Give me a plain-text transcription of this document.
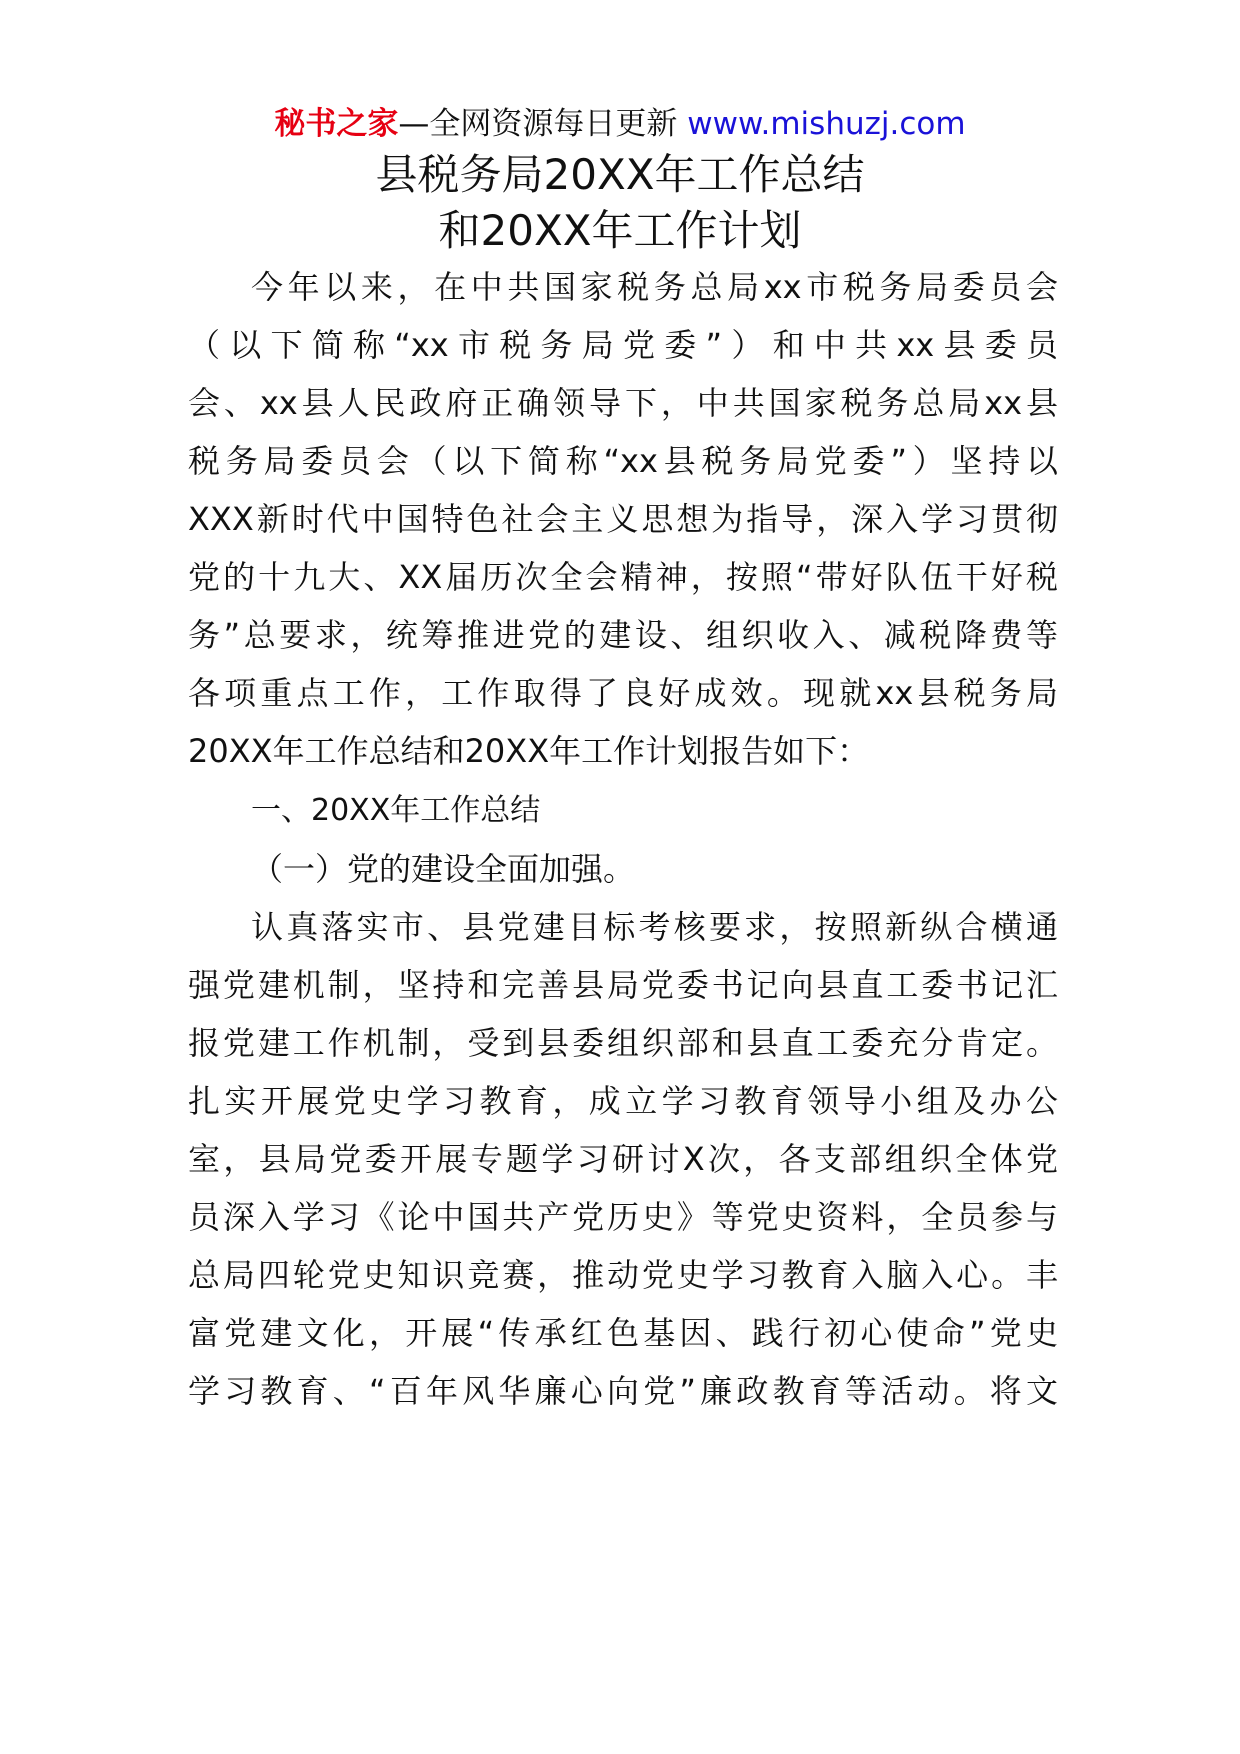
秘书之家—全网资源每日更新 www.mishuzj.com
县税务局20XX年工作总结
和20XX年工作计划
今年以来，在中共国家税务总局xx市税务局委员会
（以下简称“xx市税务局党委”）和中共xx县委员
会、xx县人民政府正确领导下，中共国家税务总局xx县
税务局委员会（以下简称“xx县税务局党委”）坚持以
XXX新时代中国特色社会主义思想为指导，深入学习贯彻
党的十九大、XX届历次全会精神，按照“带好队伍干好税
务”总要求，统筹推进党的建设、组织收入、减税降费等
各项重点工作，工作取得了良好成效。现就xx县税务局
20XX年工作总结和20XX年工作计划报告如下：
一、20XX年工作总结
（一）党的建设全面加强。
认真落实市、县党建目标考核要求，按照新纵合横通
强党建机制，坚持和完善县局党委书记向县直工委书记汇
报党建工作机制，受到县委组织部和县直工委充分肯定。
扎实开展党史学习教育，成立学习教育领导小组及办公
室，县局党委开展专题学习研讨X次，各支部组织全体党
员深入学习《论中国共产党历史》等党史资料，全员参与
总局四轮党史知识竞赛，推动党史学习教育入脑入心。丰
富党建文化，开展“传承红色基因、践行初心使命”党史
学习教育、“百年风华廉心向党”廉政教育等活动。将文
